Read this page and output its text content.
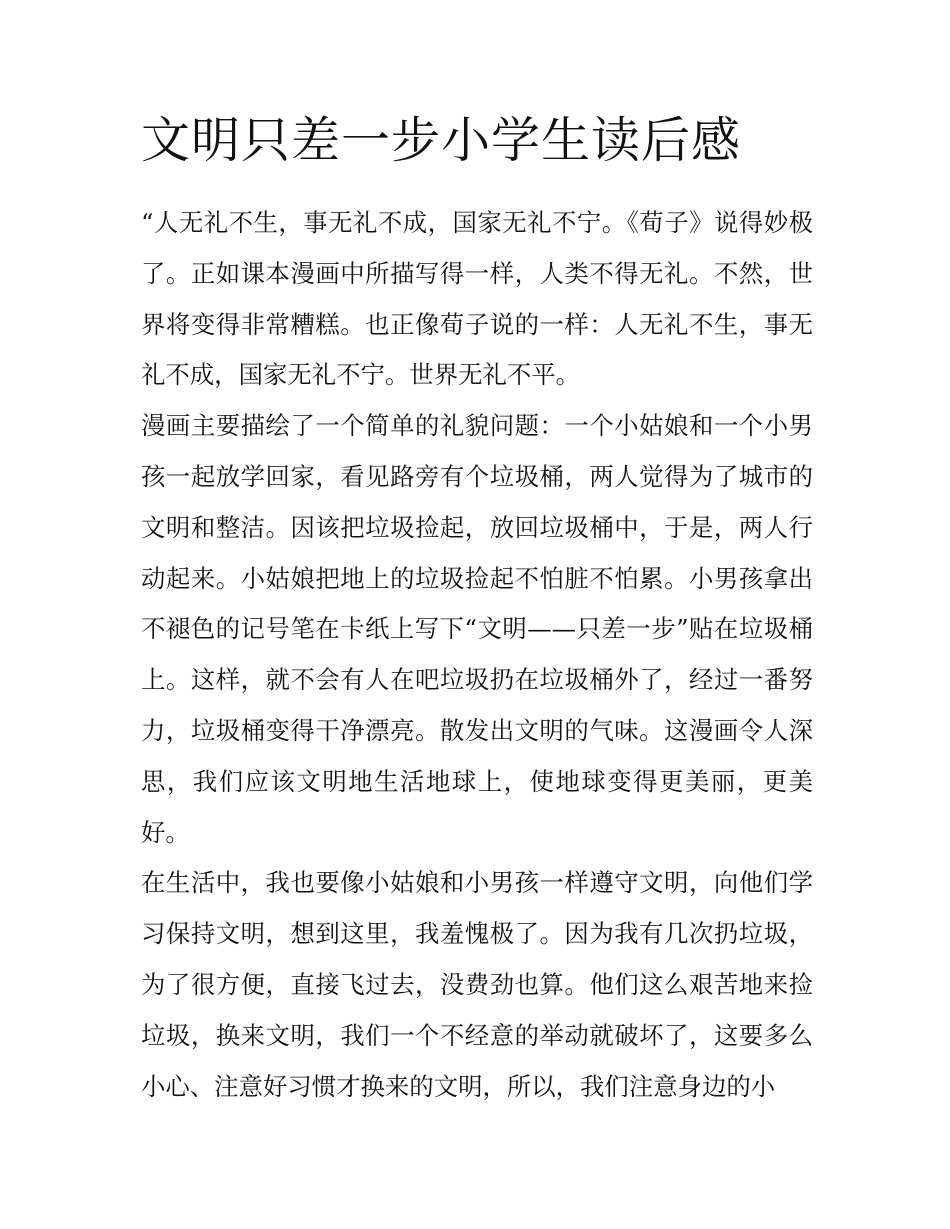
文明只差一步小学生读后感

“人无礼不生，事无礼不成，国家无礼不宁。《荀子》说得妙极了。正如课本漫画中所描写得一样，人类不得无礼。不然，世界将变得非常糟糕。也正像荀子说的一样：人无礼不生，事无礼不成，国家无礼不宁。世界无礼不平。

漫画主要描绘了一个简单的礼貌问题：一个小姑娘和一个小男孩一起放学回家，看见路旁有个垃圾桶，两人觉得为了城市的文明和整洁。因该把垃圾捡起，放回垃圾桶中，于是，两人行动起来。小姑娘把地上的垃圾捡起不怕脏不怕累。小男孩拿出不褪色的记号笔在卡纸上写下“文明——只差一步”贴在垃圾桶上。这样，就不会有人在吧垃圾扔在垃圾桶外了，经过一番努力，垃圾桶变得干净漂亮。散发出文明的气味。这漫画令人深思，我们应该文明地生活地球上，使地球变得更美丽，更美好。

在生活中，我也要像小姑娘和小男孩一样遵守文明，向他们学习保持文明，想到这里，我羞愧极了。因为我有几次扔垃圾，为了很方便，直接飞过去，没费劲也算。他们这么艰苦地来捡垃圾，换来文明，我们一个不经意的举动就破坏了，这要多么小心、注意好习惯才换来的文明，所以，我们注意身边的小
